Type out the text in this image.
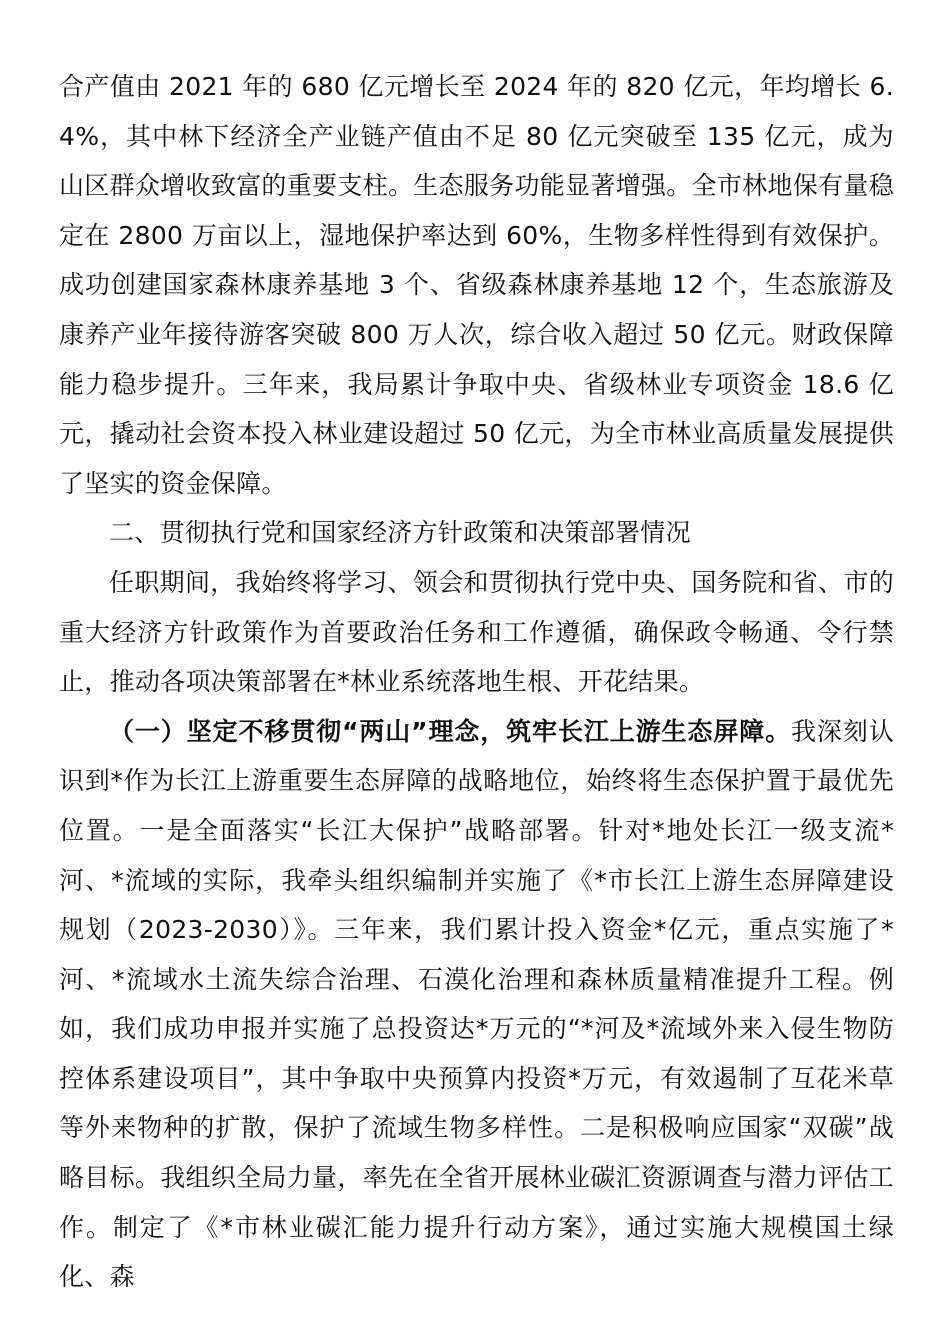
合产值由 2021 年的 680 亿元增长至 2024 年的 820 亿元，年均增长 6.4%，其中林下经济全产业链产值由不足 80 亿元突破至 135 亿元，成为山区群众增收致富的重要支柱。生态服务功能显著增强。全市林地保有量稳定在 2800 万亩以上，湿地保护率达到 60%，生物多样性得到有效保护。成功创建国家森林康养基地 3 个、省级森林康养基地 12 个，生态旅游及康养产业年接待游客突破 800 万人次，综合收入超过 50 亿元。财政保障能力稳步提升。三年来，我局累计争取中央、省级林业专项资金 18.6 亿元，撬动社会资本投入林业建设超过 50 亿元，为全市林业高质量发展提供了坚实的资金保障。

二、贯彻执行党和国家经济方针政策和决策部署情况

任职期间，我始终将学习、领会和贯彻执行党中央、国务院和省、市的重大经济方针政策作为首要政治任务和工作遵循，确保政令畅通、令行禁止，推动各项决策部署在*林业系统落地生根、开花结果。

（一）坚定不移贯彻“两山”理念，筑牢长江上游生态屏障。我深刻认识到*作为长江上游重要生态屏障的战略地位，始终将生态保护置于最优先位置。一是全面落实“长江大保护”战略部署。针对*地处长江一级支流*河、*流域的实际，我牵头组织编制并实施了《*市长江上游生态屏障建设规划（2023-2030）》。三年来，我们累计投入资金*亿元，重点实施了*河、*流域水土流失综合治理、石漠化治理和森林质量精准提升工程。例如，我们成功申报并实施了总投资达*万元的“*河及*流域外来入侵生物防控体系建设项目”，其中争取中央预算内投资*万元，有效遏制了互花米草等外来物种的扩散，保护了流域生物多样性。二是积极响应国家“双碳”战略目标。我组织全局力量，率先在全省开展林业碳汇资源调查与潜力评估工作。制定了《*市林业碳汇能力提升行动方案》，通过实施大规模国土绿化、森
